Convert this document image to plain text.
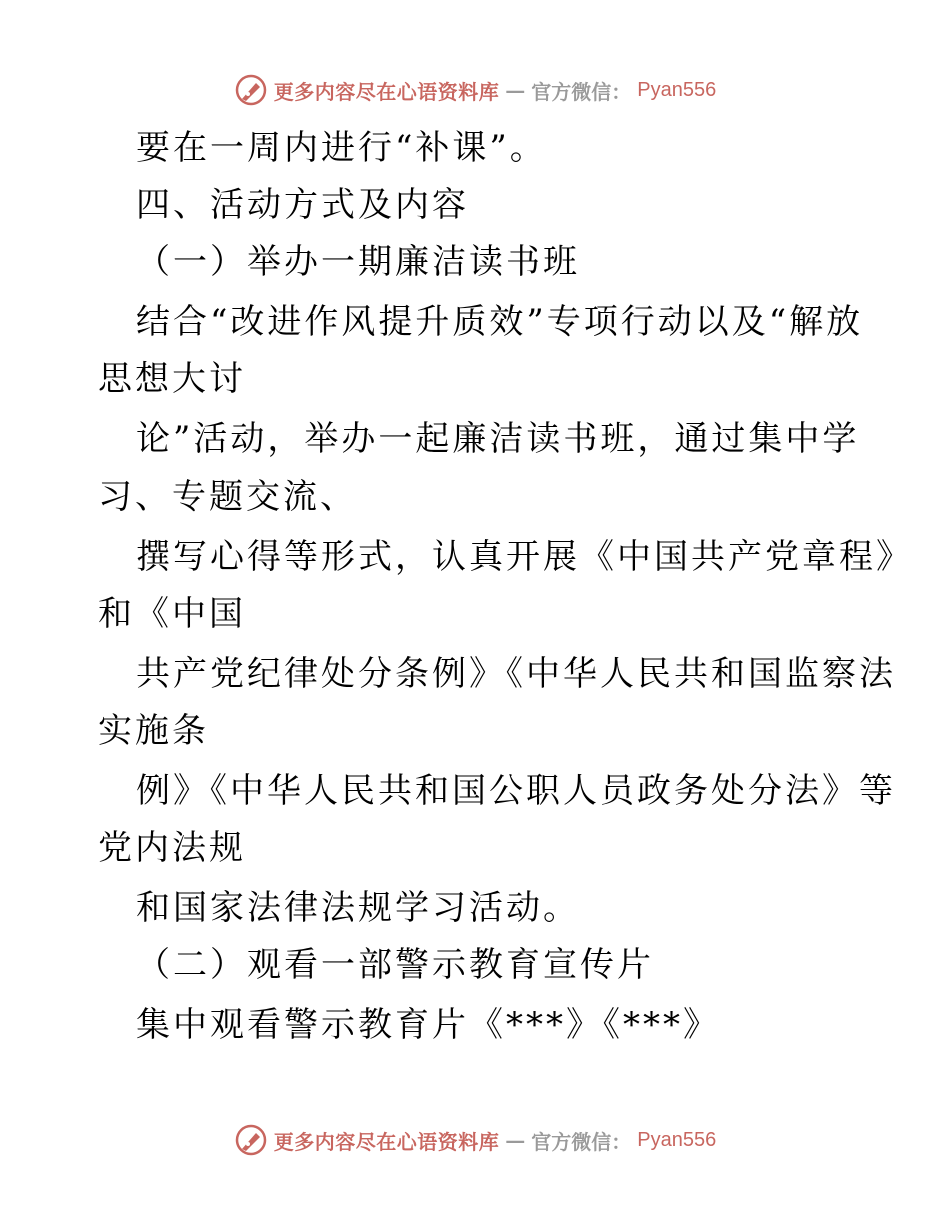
更多内容尽在心语资料库 — 官方微信： Pyan556

要在一周内进行“补课”。

四、活动方式及内容

（一）举办一期廉洁读书班

结合“改进作风提升质效”专项行动以及“解放

思想大讨

论”活动，举办一起廉洁读书班，通过集中学

习、专题交流、

撰写心得等形式，认真开展《中国共产党章程》

和《中国

共产党纪律处分条例》《中华人民共和国监察法

实施条

例》《中华人民共和国公职人员政务处分法》等

党内法规

和国家法律法规学习活动。

（二）观看一部警示教育宣传片

集中观看警示教育片《***》《***》

更多内容尽在心语资料库 — 官方微信： Pyan556
